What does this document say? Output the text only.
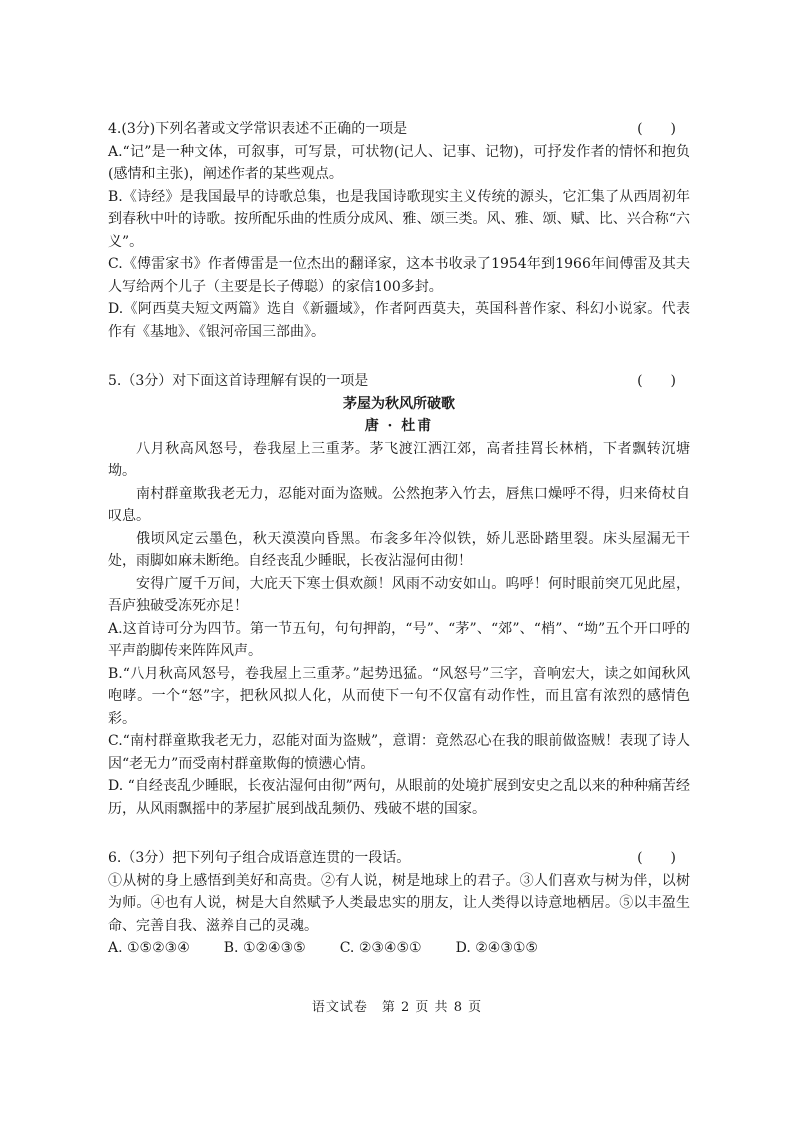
4.(3分)下列名著或文学常识表述不正确的一项是	(　　)
A.“记”是一种文体，可叙事，可写景，可状物(记人、记事、记物)，可抒发作者的情怀和抱负(感情和主张)，阐述作者的某些观点。
B.《诗经》是我国最早的诗歌总集，也是我国诗歌现实主义传统的源头，它汇集了从西周初年到春秋中叶的诗歌。按所配乐曲的性质分成风、雅、颂三类。风、雅、颂、赋、比、兴合称“六义”。
C.《傅雷家书》作者傅雷是一位杰出的翻译家，这本书收录了1954年到1966年间傅雷及其夫人写给两个儿子（主要是长子傅聪）的家信100多封。
D.《阿西莫夫短文两篇》选自《新疆域》，作者阿西莫夫，英国科普作家、科幻小说家。代表作有《基地》、《银河帝国三部曲》。
5.（3分）对下面这首诗理解有误的一项是	(　　)
茅屋为秋风所破歌
唐 · 杜甫
八月秋高风怒号，卷我屋上三重茅。茅飞渡江洒江郊，高者挂罥长林梢，下者飘转沉塘坳。
南村群童欺我老无力，忍能对面为盗贼。公然抱茅入竹去，唇焦口燥呼不得，归来倚杖自叹息。
俄顷风定云墨色，秋天漠漠向昏黑。布衾多年冷似铁，娇儿恶卧踏里裂。床头屋漏无干处，雨脚如麻未断绝。自经丧乱少睡眠，长夜沾湿何由彻！
安得广厦千万间，大庇天下寒士俱欢颜！风雨不动安如山。呜呼！何时眼前突兀见此屋，吾庐独破受冻死亦足！
A.这首诗可分为四节。第一节五句，句句押韵，“号”、“茅”、“郊”、“梢”、“坳”五个开口呼的平声韵脚传来阵阵风声。
B.“八月秋高风怒号，卷我屋上三重茅。”起势迅猛。“风怒号”三字，音响宏大，读之如闻秋风咆哮。一个“怒”字，把秋风拟人化，从而使下一句不仅富有动作性，而且富有浓烈的感情色彩。
C.“南村群童欺我老无力，忍能对面为盗贼”，意谓：竟然忍心在我的眼前做盗贼！表现了诗人因“老无力”而受南村群童欺侮的愤懑心情。
D. “自经丧乱少睡眠，长夜沾湿何由彻”两句，从眼前的处境扩展到安史之乱以来的种种痛苦经历，从风雨飘摇中的茅屋扩展到战乱频仍、残破不堪的国家。
6.（3分）把下列句子组合成语意连贯的一段话。	(　　)
①从树的身上感悟到美好和高贵。②有人说，树是地球上的君子。③人们喜欢与树为伴，以树为师。④也有人说，树是大自然赋予人类最忠实的朋友，让人类得以诗意地栖居。⑤以丰盈生命、完善自我、滋养自己的灵魂。
A. ①⑤②③④ B. ①②④③⑤ C. ②③④⑤① D. ②④③①⑤
语文试卷　第 2 页 共 8 页
